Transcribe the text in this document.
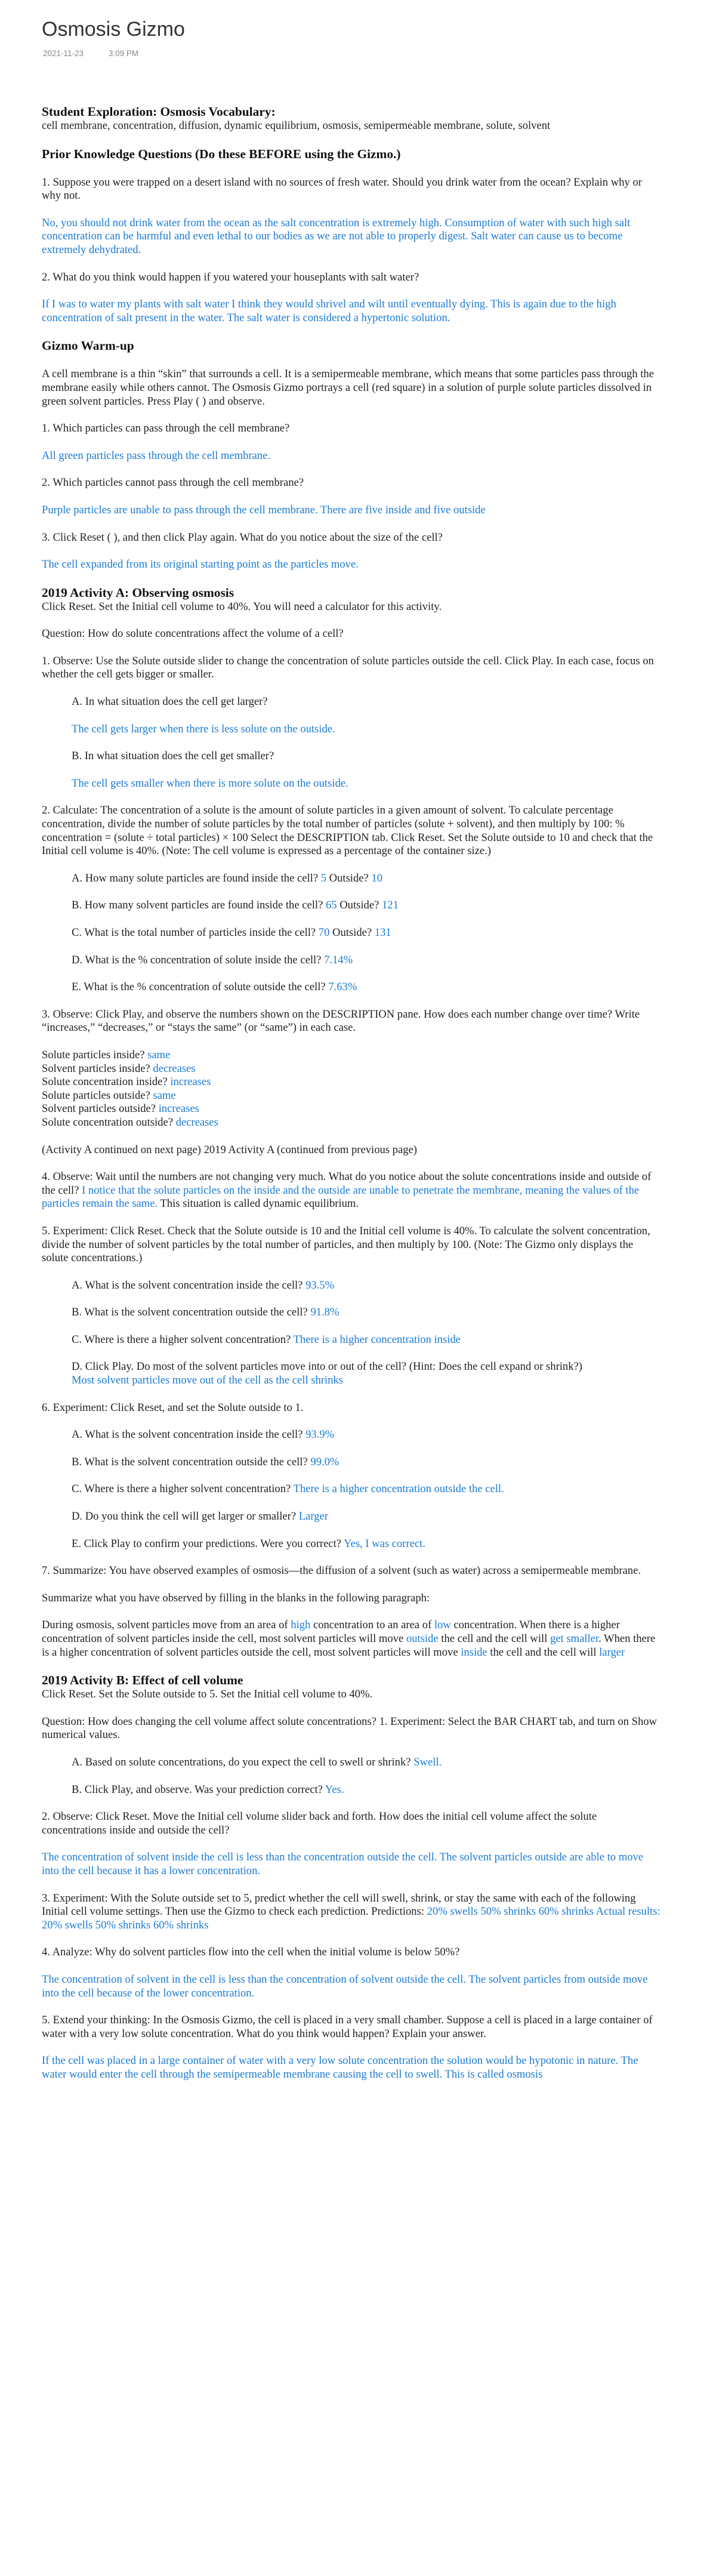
Osmosis Gizmo
2021-11-23	3:09 PM
Student Exploration: Osmosis Vocabulary:

cell membrane, concentration, diffusion, dynamic equilibrium, osmosis, semipermeable membrane, solute, solvent

Prior Knowledge Questions (Do these BEFORE using the Gizmo.)

1. Suppose you were trapped on a desert island with no sources of fresh water. Should you drink water from the ocean? Explain why or why not.

No, you should not drink water from the ocean as the salt concentration is extremely high. Consumption of water with such high salt concentration can be harmful and even lethal to our bodies as we are not able to properly digest. Salt water can cause us to become extremely dehydrated.

2. What do you think would happen if you watered your houseplants with salt water?

If I was to water my plants with salt water I think they would shrivel and wilt until eventually dying. This is again due to the high concentration of salt present in the water. The salt water is considered a hypertonic solution.

Gizmo Warm-up

A cell membrane is a thin “skin” that surrounds a cell. It is a semipermeable membrane, which means that some particles pass through the membrane easily while others cannot. The Osmosis Gizmo portrays a cell (red square) in a solution of purple solute particles dissolved in green solvent particles. Press Play ( ) and observe.

1. Which particles can pass through the cell membrane?

All green particles pass through the cell membrane.

2. Which particles cannot pass through the cell membrane?

Purple particles are unable to pass through the cell membrane. There are five inside and five outside

3. Click Reset ( ), and then click Play again. What do you notice about the size of the cell?

The cell expanded from its original starting point as the particles move.

2019 Activity A: Observing osmosis

Click Reset. Set the Initial cell volume to 40%. You will need a calculator for this activity.

Question: How do solute concentrations affect the volume of a cell?

1. Observe: Use the Solute outside slider to change the concentration of solute particles outside the cell. Click Play. In each case, focus on whether the cell gets bigger or smaller.

A. In what situation does the cell get larger?

The cell gets larger when there is less solute on the outside.

B. In what situation does the cell get smaller?

The cell gets smaller when there is more solute on the outside.

2. Calculate: The concentration of a solute is the amount of solute particles in a given amount of solvent. To calculate percentage concentration, divide the number of solute particles by the total number of particles (solute + solvent), and then multiply by 100: % concentration = (solute ÷ total particles) × 100 Select the DESCRIPTION tab. Click Reset. Set the Solute outside to 10 and check that the Initial cell volume is 40%. (Note: The cell volume is expressed as a percentage of the container size.)

A. How many solute particles are found inside the cell? 5 Outside? 10

B. How many solvent particles are found inside the cell? 65 Outside? 121

C. What is the total number of particles inside the cell? 70 Outside? 131

D. What is the % concentration of solute inside the cell? 7.14%

E. What is the % concentration of solute outside the cell? 7.63%

3. Observe: Click Play, and observe the numbers shown on the DESCRIPTION pane. How does each number change over time? Write “increases,” “decreases,” or “stays the same” (or “same”) in each case.

Solute particles inside? same

Solvent particles inside? decreases

Solute concentration inside? increases

Solute particles outside? same

Solvent particles outside? increases

Solute concentration outside? decreases

(Activity A continued on next page) 2019 Activity A (continued from previous page)

4. Observe: Wait until the numbers are not changing very much. What do you notice about the solute concentrations inside and outside of the cell? I notice that the solute particles on the inside and the outside are unable to penetrate the membrane, meaning the values of the particles remain the same. This situation is called dynamic equilibrium.

5. Experiment: Click Reset. Check that the Solute outside is 10 and the Initial cell volume is 40%. To calculate the solvent concentration, divide the number of solvent particles by the total number of particles, and then multiply by 100. (Note: The Gizmo only displays the solute concentrations.)

A. What is the solvent concentration inside the cell? 93.5%

B. What is the solvent concentration outside the cell? 91.8%

C. Where is there a higher solvent concentration? There is a higher concentration inside

D. Click Play. Do most of the solvent particles move into or out of the cell? (Hint: Does the cell expand or shrink?)

Most solvent particles move out of the cell as the cell shrinks

6. Experiment: Click Reset, and set the Solute outside to 1.

A. What is the solvent concentration inside the cell? 93.9%

B. What is the solvent concentration outside the cell? 99.0%

C. Where is there a higher solvent concentration? There is a higher concentration outside the cell.

D. Do you think the cell will get larger or smaller? Larger

E. Click Play to confirm your predictions. Were you correct? Yes, I was correct.

7. Summarize: You have observed examples of osmosis—the diffusion of a solvent (such as water) across a semipermeable membrane.

Summarize what you have observed by filling in the blanks in the following paragraph:

During osmosis, solvent particles move from an area of high concentration to an area of low concentration. When there is a higher concentration of solvent particles inside the cell, most solvent particles will move outside the cell and the cell will get smaller. When there is a higher concentration of solvent particles outside the cell, most solvent particles will move inside the cell and the cell will larger

2019 Activity B: Effect of cell volume

Click Reset. Set the Solute outside to 5. Set the Initial cell volume to 40%.

Question: How does changing the cell volume affect solute concentrations? 1. Experiment: Select the BAR CHART tab, and turn on Show numerical values.

A. Based on solute concentrations, do you expect the cell to swell or shrink? Swell.

B. Click Play, and observe. Was your prediction correct? Yes.

2. Observe: Click Reset. Move the Initial cell volume slider back and forth. How does the initial cell volume affect the solute concentrations inside and outside the cell?

The concentration of solvent inside the cell is less than the concentration outside the cell. The solvent particles outside are able to move into the cell because it has a lower concentration.

3. Experiment: With the Solute outside set to 5, predict whether the cell will swell, shrink, or stay the same with each of the following Initial cell volume settings. Then use the Gizmo to check each prediction. Predictions: 20% swells 50% shrinks 60% shrinks Actual results: 20% swells 50% shrinks 60% shrinks

4. Analyze: Why do solvent particles flow into the cell when the initial volume is below 50%?

The concentration of solvent in the cell is less than the concentration of solvent outside the cell. The solvent particles from outside move into the cell because of the lower concentration.

5. Extend your thinking: In the Osmosis Gizmo, the cell is placed in a very small chamber. Suppose a cell is placed in a large container of water with a very low solute concentration. What do you think would happen? Explain your answer.

If the cell was placed in a large container of water with a very low solute concentration the solution would be hypotonic in nature. The water would enter the cell through the semipermeable membrane causing the cell to swell. This is called osmosis
